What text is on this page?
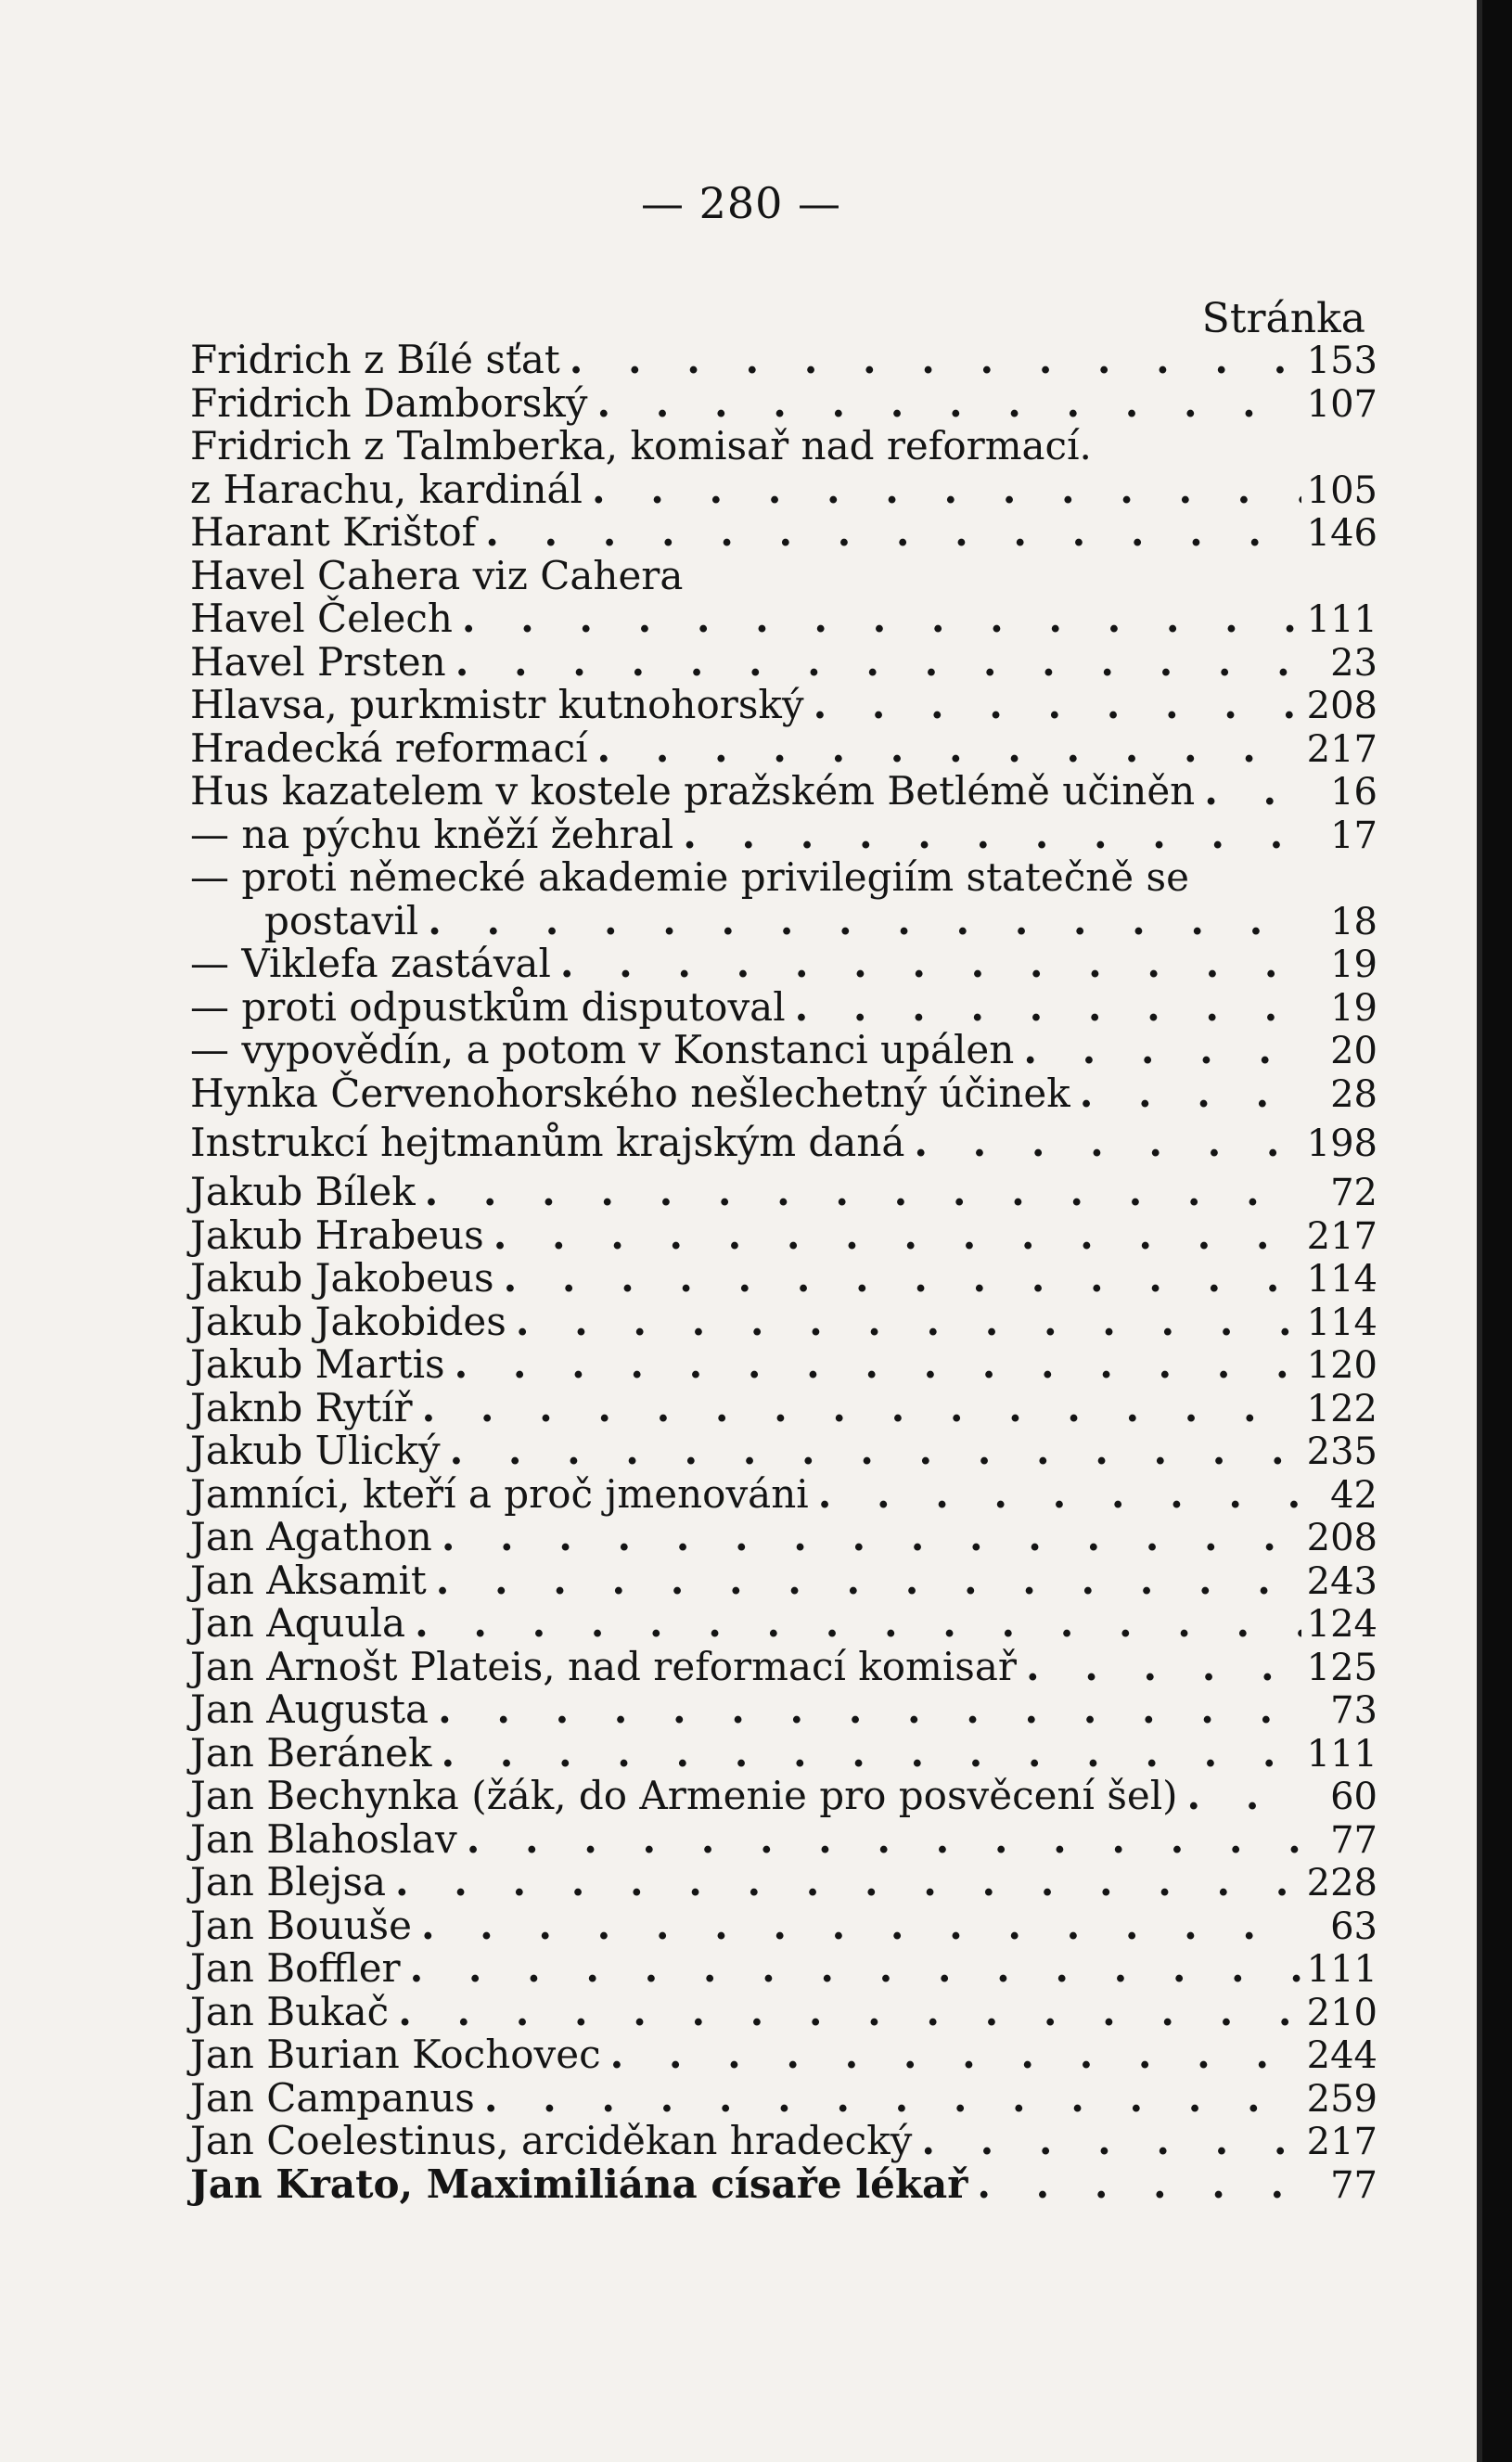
— 280 —
Stránka
Fridrich z Bílé sťat . . .	153
Fridrich Damborský . . .	107
Fridrich z Talmberka, komisař nad reformací.
z Harachu, kardinál . . .	105
Harant Krištof . . .	146
Havel Cahera viz Cahera
Havel Čelech . . .	111
Havel Prsten . . .	23
Hlavsa, purkmistr kutnohorský . . .	208
Hradecká reformací . . .	217
Hus kazatelem v kostele pražském Betlémě učiněn . . .	16
— na pýchu kněží žehral . . .	17
— proti německé akademie privilegiím statečně se
postavil . . .	18
— Viklefa zastával . . .	19
— proti odpustkům disputoval . . .	19
— vypovědín, a potom v Konstanci upálen . . .	20
Hynka Červenohorského nešlechetný účinek . . .	28
Instrukcí hejtmanům krajským daná . . .	198
Jakub Bílek . . .	72
Jakub Hrabeus . . .	217
Jakub Jakobeus . . .	114
Jakub Jakobides . . .	114
Jakub Martis . . .	120
Jaknb Rytíř . . .	122
Jakub Ulický . . .	235
Jamníci, kteří a proč jmenováni . . .	42
Jan Agathon . . .	208
Jan Aksamit . . .	243
Jan Aquula . . .	124
Jan Arnošt Plateis, nad reformací komisař . . .	125
Jan Augusta . . .	73
Jan Beránek . . .	111
Jan Bechynka (žák, do Armenie pro posvěcení šel) . . .	60
Jan Blahoslav . . .	77
Jan Blejsa . . .	228
Jan Bouuše . . .	63
Jan Boffler . . .	111
Jan Bukač . . .	210
Jan Burian Kochovec . . .	244
Jan Campanus . . .	259
Jan Coelestinus, arciděkan hradecký . . .	217
Jan Krato, Maximiliána císaře lékař . . .	77
